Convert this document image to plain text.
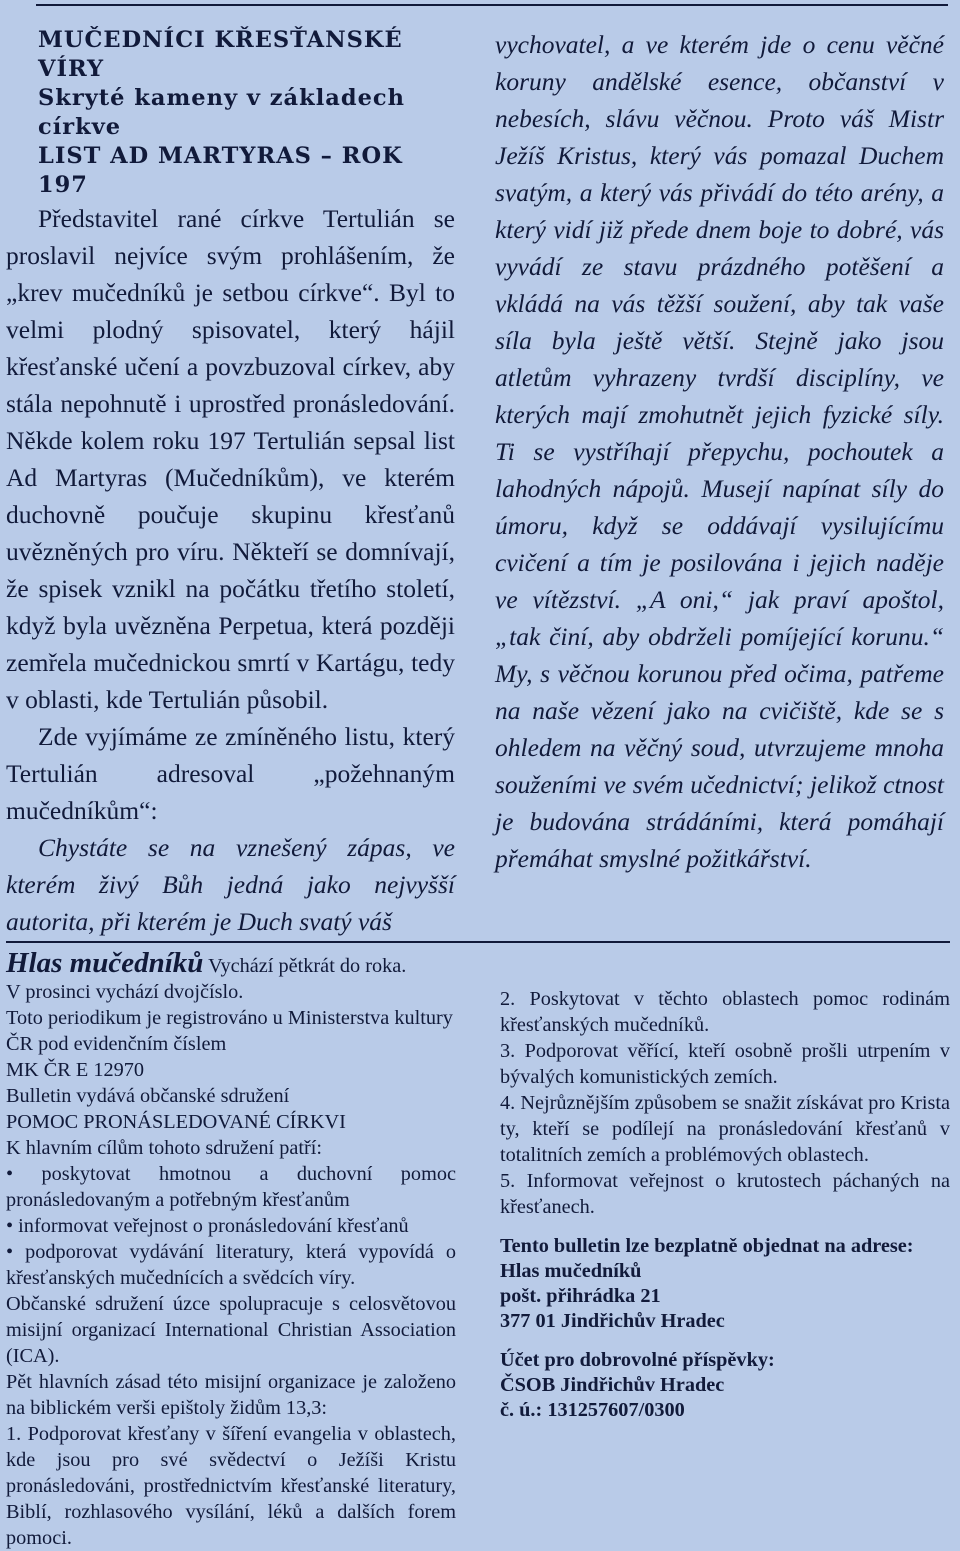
MUČEDNÍCI KŘESŤANSKÉ VÍRY

Skryté kameny v základech církve

LIST AD MARTYRAS – ROK 197

Představitel rané církve Tertulián se proslavil nejvíce svým prohlášením, že „krev mučedníků je setbou církve“. Byl to velmi plodný spisovatel, který hájil křesťanské učení a povzbuzoval církev, aby stála nepohnutě i uprostřed pronásledování. Někde kolem roku 197 Tertulián sepsal list Ad Martyras (Mučedníkům), ve kterém duchovně poučuje skupinu křesťanů uvězněných pro víru. Někteří se domnívají, že spisek vznikl na počátku třetího století, když byla uvězněna Perpetua, která později zemřela mučednickou smrtí v Kartágu, tedy v oblasti, kde Tertulián působil.

Zde vyjímáme ze zmíněného listu, který Tertulián adresoval „požehnaným mučedníkům“:

Chystáte se na vznešený zápas, ve kterém živý Bůh jedná jako nejvyšší autorita, při kterém je Duch svatý váš

vychovatel, a ve kterém jde o cenu věčné koruny andělské esence, občanství v nebesích, slávu věčnou. Proto váš Mistr Ježíš Kristus, který vás pomazal Duchem svatým, a který vás přivádí do této arény, a který vidí již přede dnem boje to dobré, vás vyvádí ze stavu prázdného potěšení a vkládá na vás těžší soužení, aby tak vaše síla byla ještě větší. Stejně jako jsou atletům vyhrazeny tvrdší disciplíny, ve kterých mají zmohutnět jejich fyzické síly. Ti se vystříhají přepychu, pochoutek a lahodných nápojů. Musejí napínat síly do úmoru, když se oddávají vysilujícímu cvičení a tím je posilována i jejich naděje ve vítězství. „A oni,“ jak praví apoštol, „tak činí, aby obdrželi pomíjející korunu.“ My, s věčnou korunou před očima, patřeme na naše vězení jako na cvičiště, kde se s ohledem na věčný soud, utvrzujeme mnoha souženími ve svém učednictví; jelikož ctnost je budována strádáními, která pomáhají přemáhat smyslné požitkářství.

Hlas mučedníků Vychází pětkrát do roka.

V prosinci vychází dvojčíslo.

Toto periodikum je registrováno u Ministerstva kultury ČR pod evidenčním číslem

MK ČR E 12970

Bulletin vydává občanské sdružení

POMOC PRONÁSLEDOVANÉ CÍRKVI

K hlavním cílům tohoto sdružení patří:

• poskytovat hmotnou a duchovní pomoc pronásledovaným a potřebným křesťanům

• informovat veřejnost o pronásledování křesťanů

• podporovat vydávání literatury, která vypovídá o křesťanských mučednících a svědcích víry.

Občanské sdružení úzce spolupracuje s celosvětovou misijní organizací International Christian Association (ICA).

Pět hlavních zásad této misijní organizace je založeno na biblickém verši epištoly židům 13,3:

1. Podporovat křesťany v šíření evangelia v oblastech, kde jsou pro své svědectví o Ježíši Kristu pronásledováni, prostřednictvím křesťanské literatury, Biblí, rozhlasového vysílání, léků a dalších forem pomoci.

2. Poskytovat v těchto oblastech pomoc rodinám křesťanských mučedníků.

3. Podporovat věřící, kteří osobně prošli utrpením v bývalých komunistických zemích.

4. Nejrůznějším způsobem se snažit získávat pro Krista ty, kteří se podílejí na pronásledování křesťanů v totalitních zemích a problémových oblastech.

5. Informovat veřejnost o krutostech páchaných na křesťanech.

Tento bulletin lze bezplatně objednat na adrese:

Hlas mučedníků

pošt. přihrádka 21

377 01 Jindřichův Hradec

Účet pro dobrovolné příspěvky:

ČSOB Jindřichův Hradec

č. ú.: 131257607/0300
